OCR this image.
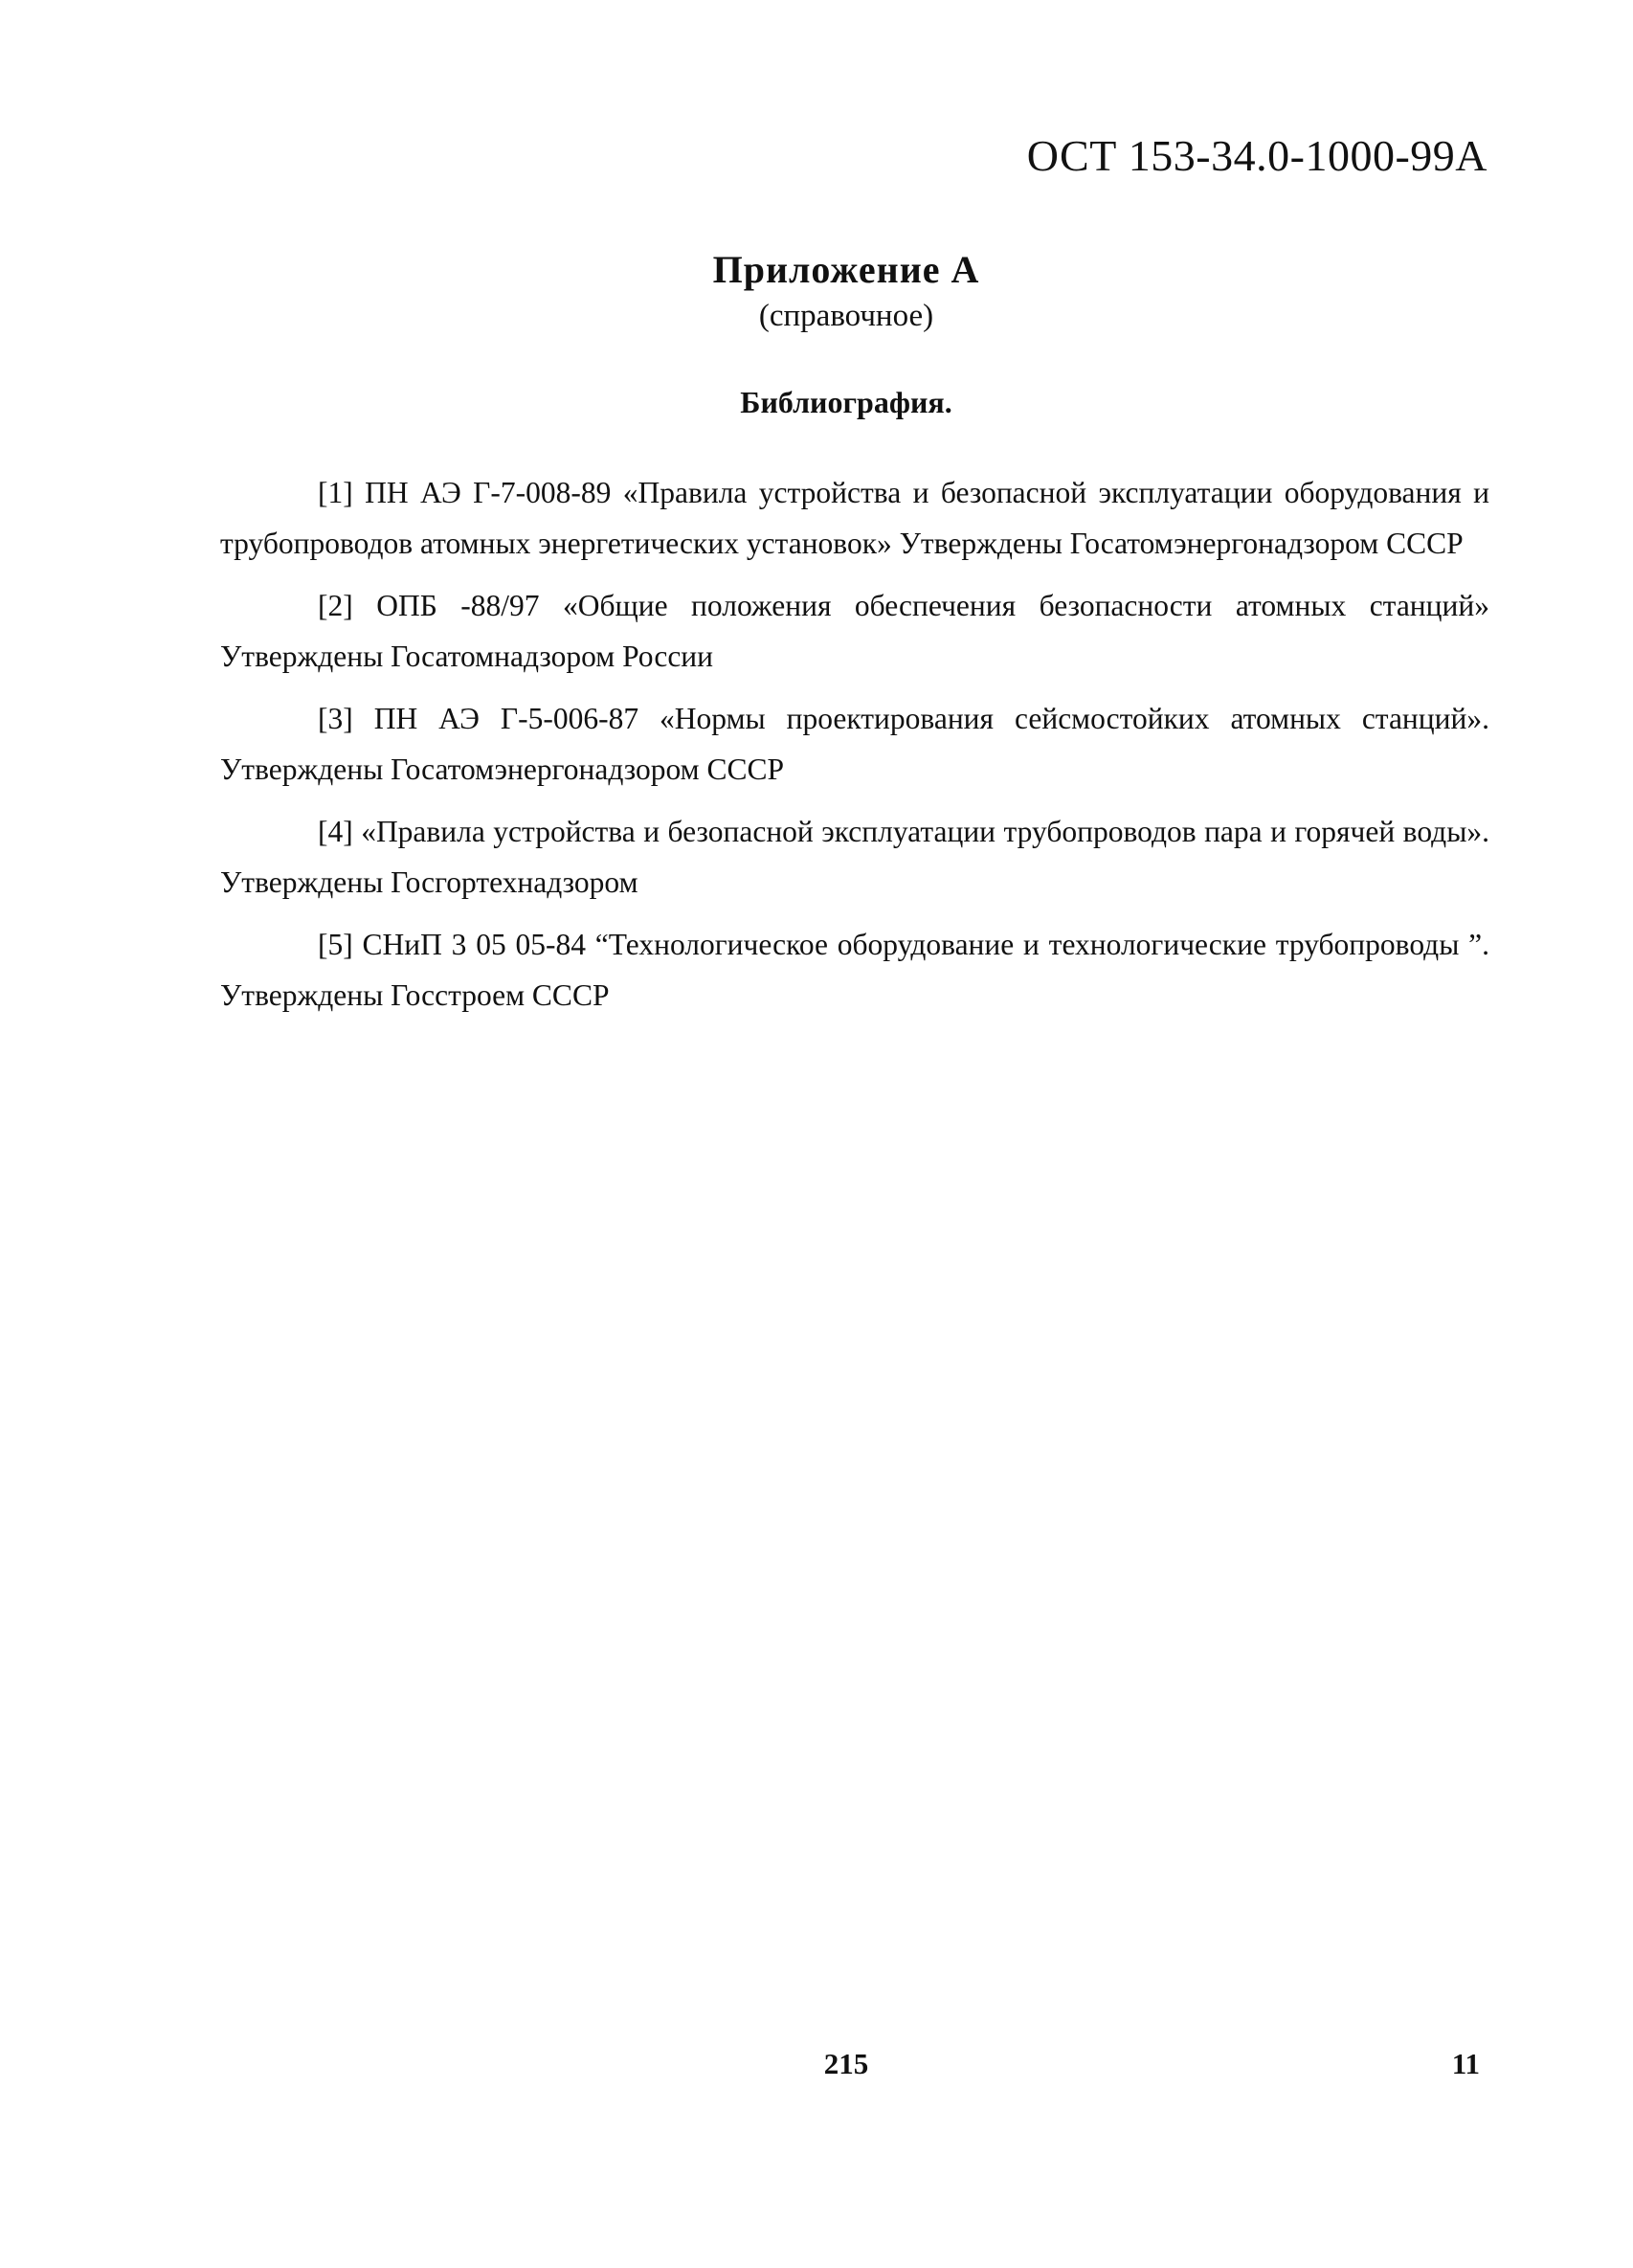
ОСТ 153-34.0-1000-99А
Приложение А
(справочное)
Библиография.

[1] ПН АЭ Г-7-008-89 «Правила устройства и безопасной эксплуатации оборудования и трубопроводов атомных энергетических установок» Утверждены Госатомэнергонадзором СССР

[2] ОПБ -88/97 «Общие положения обеспечения безопасности атомных станций» Утверждены Госатомнадзором России

[3] ПН АЭ Г-5-006-87 «Нормы проектирования сейсмостойких атомных станций». Утверждены Госатомэнергонадзором СССР

[4] «Правила устройства и безопасной эксплуатации трубопроводов пара и горячей воды». Утверждены Госгортехнадзором

[5] СНиП 3 05 05-84 “Технологическое оборудование и технологические трубопроводы ”. Утверждены Госстроем СССР

215	11
